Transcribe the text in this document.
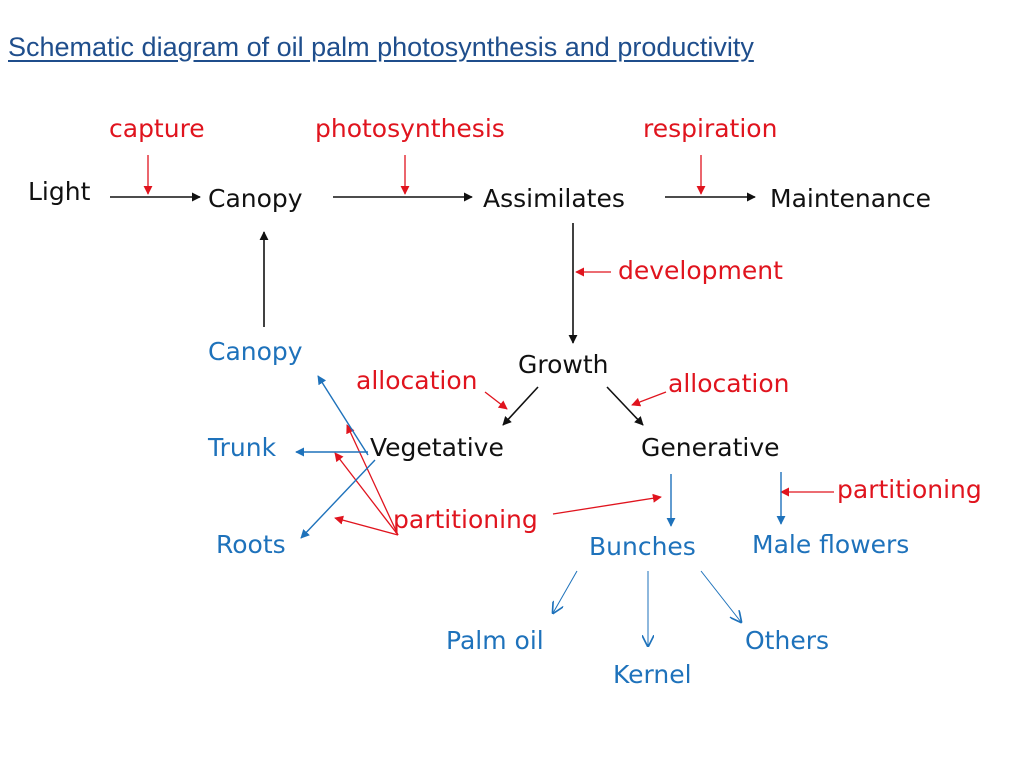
Schematic diagram of oil palm photosynthesis and productivity
capture	photosynthesis	respiration
development
allocation	allocation
partitioning
partitioning
Light	Canopy	Assimilates	Maintenance
Growth
Vegetative	Generative
Canopy
Trunk
Roots	Bunches Male flowers
Palm oil
Kernel
Others
